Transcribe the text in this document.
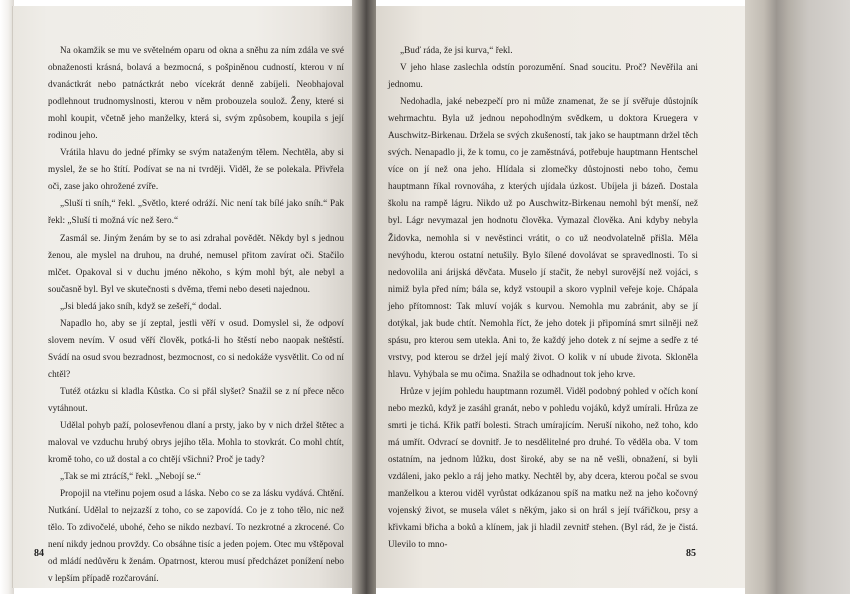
Na okamžik se mu ve světelném oparu od okna a sněhu za ním zdála ve své obnaženosti krásná, bolavá a bezmocná, s pošpiněnou cudností, kterou v ní dvanáctkrát nebo patnáctkrát nebo vícekrát denně zabíjeli. Neobhajoval podlehnout trudnomyslnosti, kterou v něm probouzela soulož. Ženy, které si mohl koupit, včetně jeho manželky, která si, svým způsobem, koupila s její rodinou jeho.

Vrátila hlavu do jedné přímky se svým nataženým tělem. Nechtěla, aby si myslel, že se ho štítí. Podívat se na ni tvrději. Viděl, že se polekala. Přivřela oči, zase jako ohrožené zvíře.

„Sluší ti sníh,“ řekl. „Světlo, které odráží. Nic není tak bílé jako sníh.“ Pak řekl: „Sluší ti možná víc než šero.“

Zasmál se. Jiným ženám by se to asi zdrahal povědět. Někdy byl s jednou ženou, ale myslel na druhou, na druhé, nemusel přitom zavírat oči. Stačilo mlčet. Opakoval si v duchu jméno někoho, s kým mohl být, ale nebyl a současně byl. Byl ve skutečnosti s dvěma, třemi nebo deseti najednou.

„Jsi bledá jako sníh, když se zešeří,“ dodal.

Napadlo ho, aby se jí zeptal, jestli věří v osud. Domyslel si, že odpoví slovem nevím. V osud věří člověk, potká-li ho štěstí nebo naopak neštěstí. Svádí na osud svou bezradnost, bezmocnost, co si nedokáže vysvětlit. Co od ní chtěl?

Tutéž otázku si kladla Kůstka. Co si přál slyšet? Snažil se z ní přece něco vytáhnout.

Udělal pohyb paží, polosevřenou dlaní a prsty, jako by v nich držel štětec a maloval ve vzduchu hrubý obrys jejího těla. Mohla to stovkrát. Co mohl chtít, kromě toho, co už dostal a co chtějí všichni? Proč je tady?

„Tak se mi ztrácíš,“ řekl. „Nebojí se.“

Propojil na vteřinu pojem osud a láska. Nebo co se za lásku vydává. Chtění. Nutkání. Udělal to nejzazší z toho, co se zapovídá. Co je z toho tělo, nic než tělo. To zdivočelé, ubohé, čeho se nikdo nezbaví. To nezkrotné a zkrocené. Co není nikdy jednou provždy. Co obsáhne tisíc a jeden pojem. Otec mu vštěpoval od mládí nedůvěru k ženám. Opatrnost, kterou musí předcházet ponížení nebo v lepším případě rozčarování.

„Buď ráda, že jsi kurva,“ řekl.

V jeho hlase zaslechla odstín porozumění. Snad soucitu. Proč? Nevěřila ani jednomu.

Nedohadla, jaké nebezpečí pro ni může znamenat, že se jí svěřuje důstojník wehrmachtu. Byla už jednou nepohodlným svědkem, u doktora Kruegera v Auschwitz-Birkenau. Držela se svých zkušeností, tak jako se hauptmann držel těch svých. Nenapadlo ji, že k tomu, co je zaměstnává, potřebuje hauptmann Hentschel více on jí než ona jeho. Hlídala si zlomečky důstojnosti nebo toho, čemu hauptmann říkal rovnováha, z kterých ujídala úzkost. Ubíjela ji bázeň. Dostala školu na rampě lágru. Nikdo už po Auschwitz-Birkenau nemohl být menší, než byl. Lágr nevymazal jen hodnotu člověka. Vymazal člověka. Ani kdyby nebyla Židovka, nemohla si v nevěstinci vrátit, o co už neodvolatelně přišla. Měla nevýhodu, kterou ostatní netušily. Bylo šílené dovolávat se spravedlnosti. To si nedovolila ani árijská děvčata. Muselo jí stačit, že nebyl surovější než vojáci, s nimiž byla před ním; bála se, když vstoupil a skoro vyplnil veřeje koje. Chápala jeho přítomnost: Tak mluví voják s kurvou. Nemohla mu zabránit, aby se jí dotýkal, jak bude chtít. Nemohla říct, že jeho dotek ji připomíná smrt silněji než spásu, pro kterou sem utekla. Ani to, že každý jeho dotek z ní sejme a sedře z té vrstvy, pod kterou se držel její malý život. O kolik v ní ubude života. Skloněla hlavu. Vyhýbala se mu očima. Snažila se odhadnout tok jeho krve.

Hrůze v jejím pohledu hauptmann rozuměl. Viděl podobný pohled v očích koní nebo mezků, když je zasáhl granát, nebo v pohledu vojáků, když umírali. Hrůza ze smrti je tichá. Křik patří bolesti. Strach umírajícím. Neruší nikoho, než toho, kdo má umřít. Odvrací se dovnitř. Je to nesdělitelné pro druhé. To věděla oba. V tom ostatním, na jednom lůžku, dost široké, aby se na ně vešli, obnažení, si byli vzdáleni, jako peklo a ráj jeho matky. Nechtěl by, aby dcera, kterou počal se svou manželkou a kterou viděl vyrůstat odkázanou spíš na matku než na jeho kočovný vojenský život, se musela válet s někým, jako si on hrál s její tvářičkou, prsy a křivkami břicha a boků a klínem, jak ji hladil zevnitř stehen. (Byl rád, že je čistá. Ulevilo to mno-

84	85
